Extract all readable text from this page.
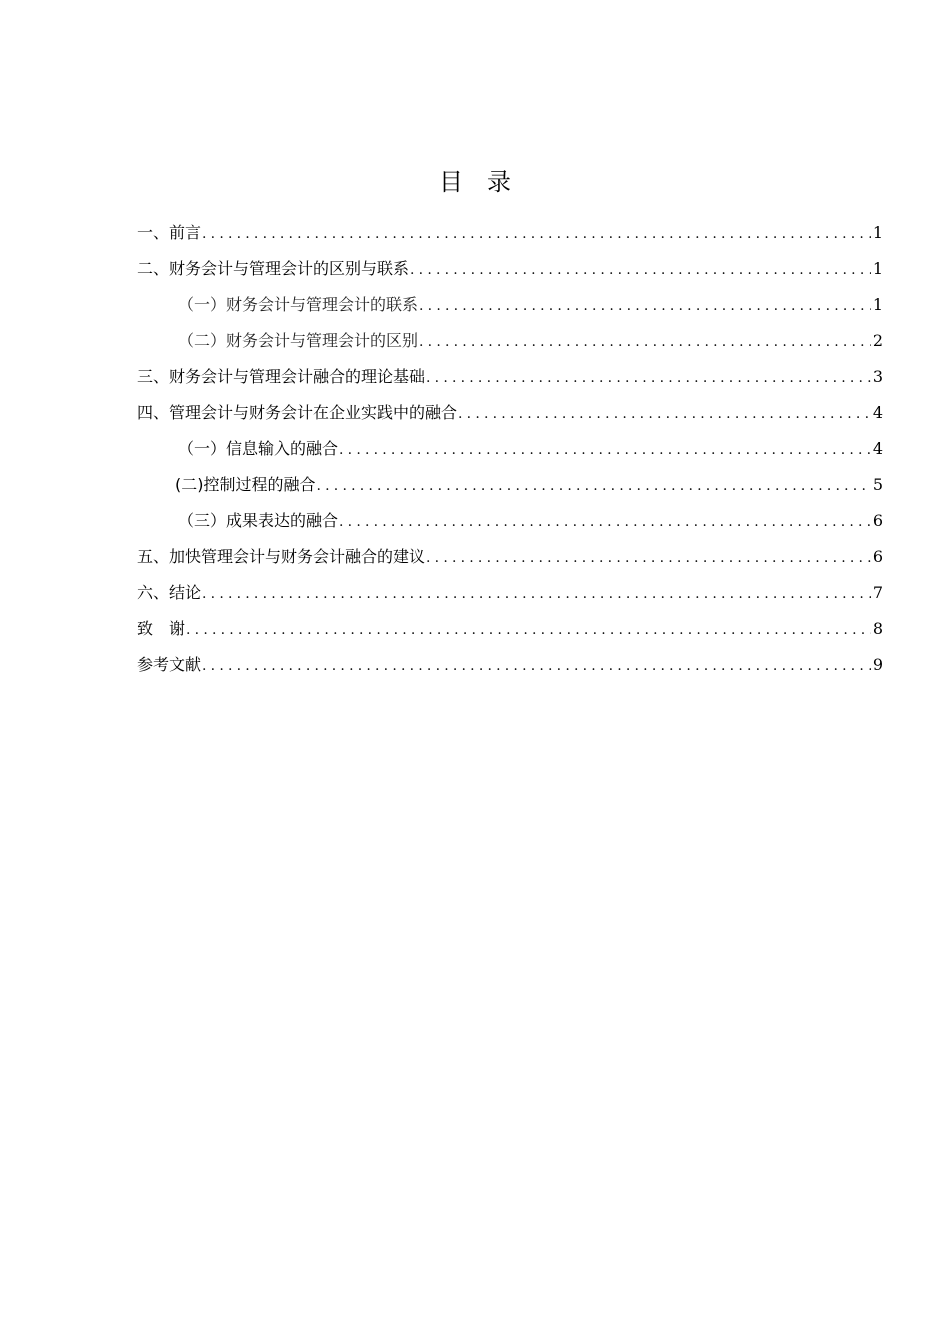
目　录
一、前言 .....	1
二、财务会计与管理会计的区别与联系 .....	1
（一）财务会计与管理会计的联系 .....	1
（二）财务会计与管理会计的区别 .....	2
三、财务会计与管理会计融合的理论基础 .....	3
四、管理会计与财务会计在企业实践中的融合 .....	4
（一）信息输入的融合 .....	4
(二)控制过程的融合 .....	5
（三）成果表达的融合 .....	6
五、加快管理会计与财务会计融合的建议 .....	6
六、结论 .....	7
致　谢 .....	8
参考文献 .....	9
